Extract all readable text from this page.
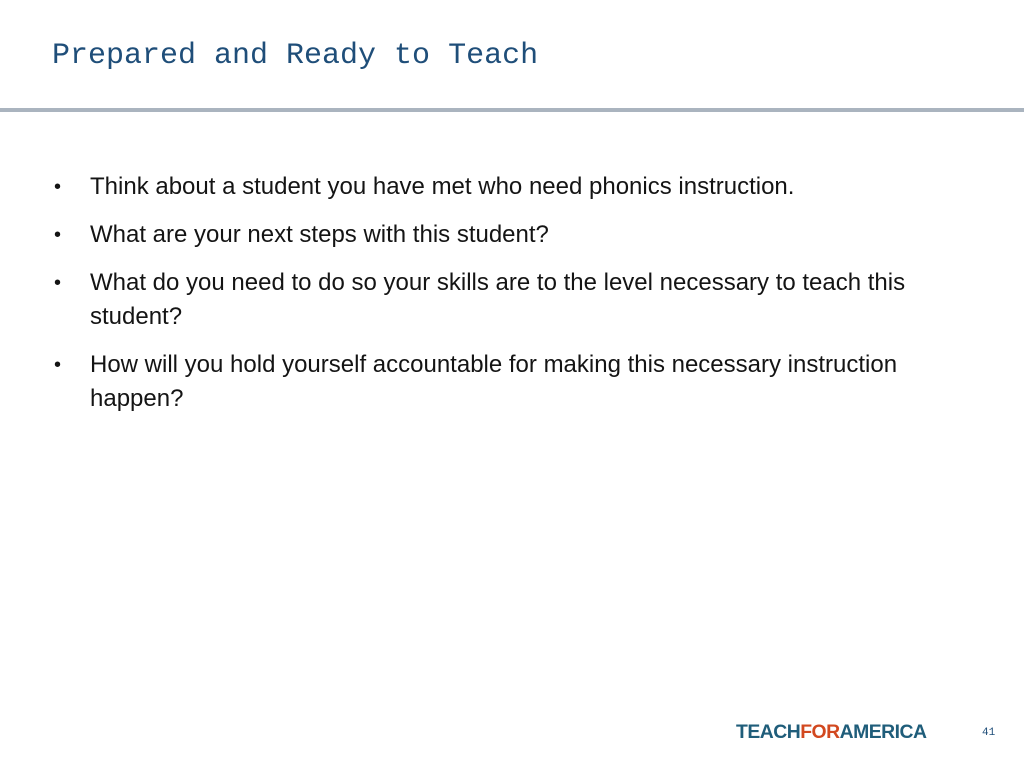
Prepared and Ready to Teach
• Think about a student you have met who need phonics instruction.
• What are your next steps with this student?
• What do you need to do so your skills are to the level necessary to teach this student?
• How will you hold yourself accountable for making this necessary instruction happen?
TEACHFORAMERICA	41
